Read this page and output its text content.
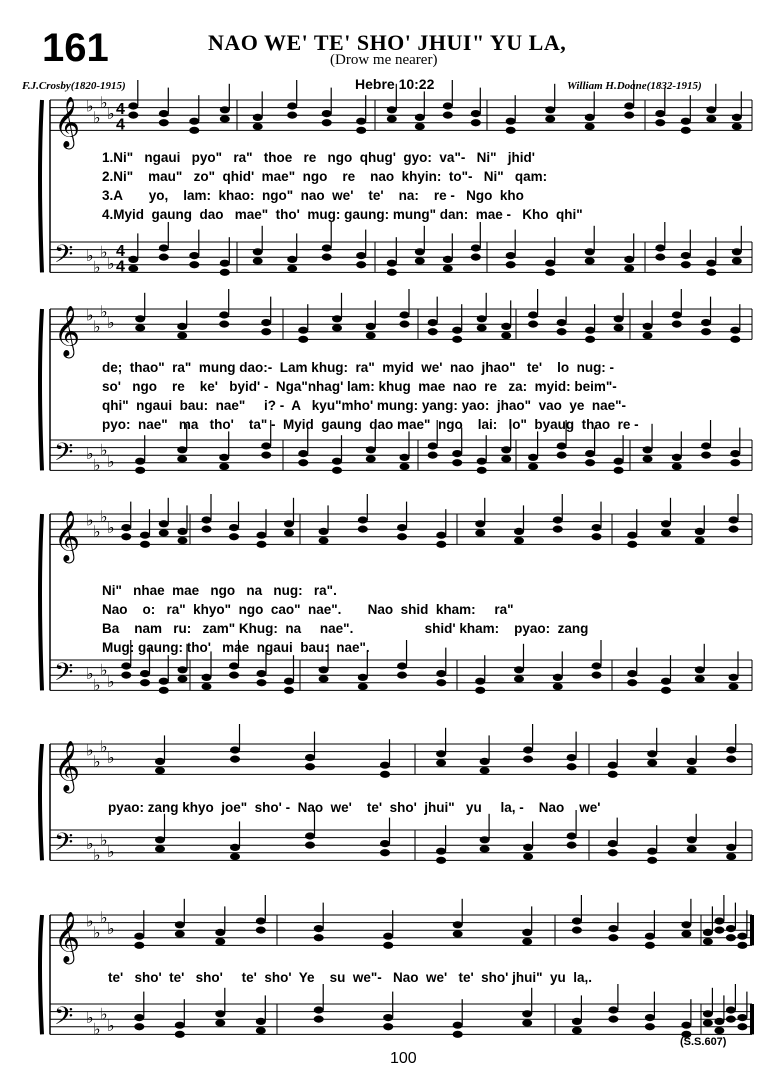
161	NAO WE' TE' SHO' JHUI" YU LA,
(Drow me nearer)
F.J.Crosby(1820-1915)	Hebre 10:22	William H.Doane(1832-1915)
𝄞
𝄢
♭
♭
♭
♭
♭
♭
♭
♭
4
4
4
4
1.Ni"   ngaui   pyo"   ra"   thoe   re   ngo  qhug'  gyo:  va"-   Ni"   jhid'
2.Ni"    mau"   zo"  qhid'  mae"  ngo    re    nao  khyin:  to"-   Ni"   qam:
3.A       yo,    lam:  khao:  ngo"  nao  we'    te'    na:    re -   Ngo  kho
4.Myid  gaung  dao   mae"  tho'  mug: gaung: mung" dan:  mae -   Kho  qhi"
𝄞
𝄢
♭
♭
♭
♭
♭
♭
♭
♭
de;  thao"  ra"  mung dao:-  Lam khug:  ra"  myid  we'  nao  jhao"   te'    lo  nug: -
so'   ngo    re    ke'   byid' -  Nga"nhag' lam: khug  mae  nao  re   za:  myid: beim"-
qhi"  ngaui  bau:  nae"     i? -  A   kyu"mho' mung: yang: yao:  jhao"  vao  ye  nae"-
pyo:  nae"   ma   tho'    ta" -  Myid  gaung  dao mae"  ngo    lai:   lo"  byaug  thao  re -
𝄞
𝄢
♭
♭
♭
♭
♭
♭
♭
♭
Ni"   nhae  mae   ngo   na   nug:   ra".
Nao    o:   ra"  khyo"  ngo  cao"  nae".       Nao  shid  kham:     ra"
Ba    nam   ru:   zam" Khug:  na     nae".                   shid' kham:    pyao:  zang
Mug: gaung: tho'   mae  ngaui  bau:  nae".
𝄞
𝄢
♭
♭
♭
♭
♭
♭
♭
♭
pyao: zang khyo  joe"  sho' -  Nao  we'    te'  sho'  jhui"   yu     la, -    Nao    we'
𝄞
𝄢
♭
♭
♭
♭
♭
♭
♭
♭
te'   sho'  te'   sho'     te'  sho'  Ye    su  we"-   Nao  we'   te'  sho' jhui"  yu  la,.
(S.S.607)
100
